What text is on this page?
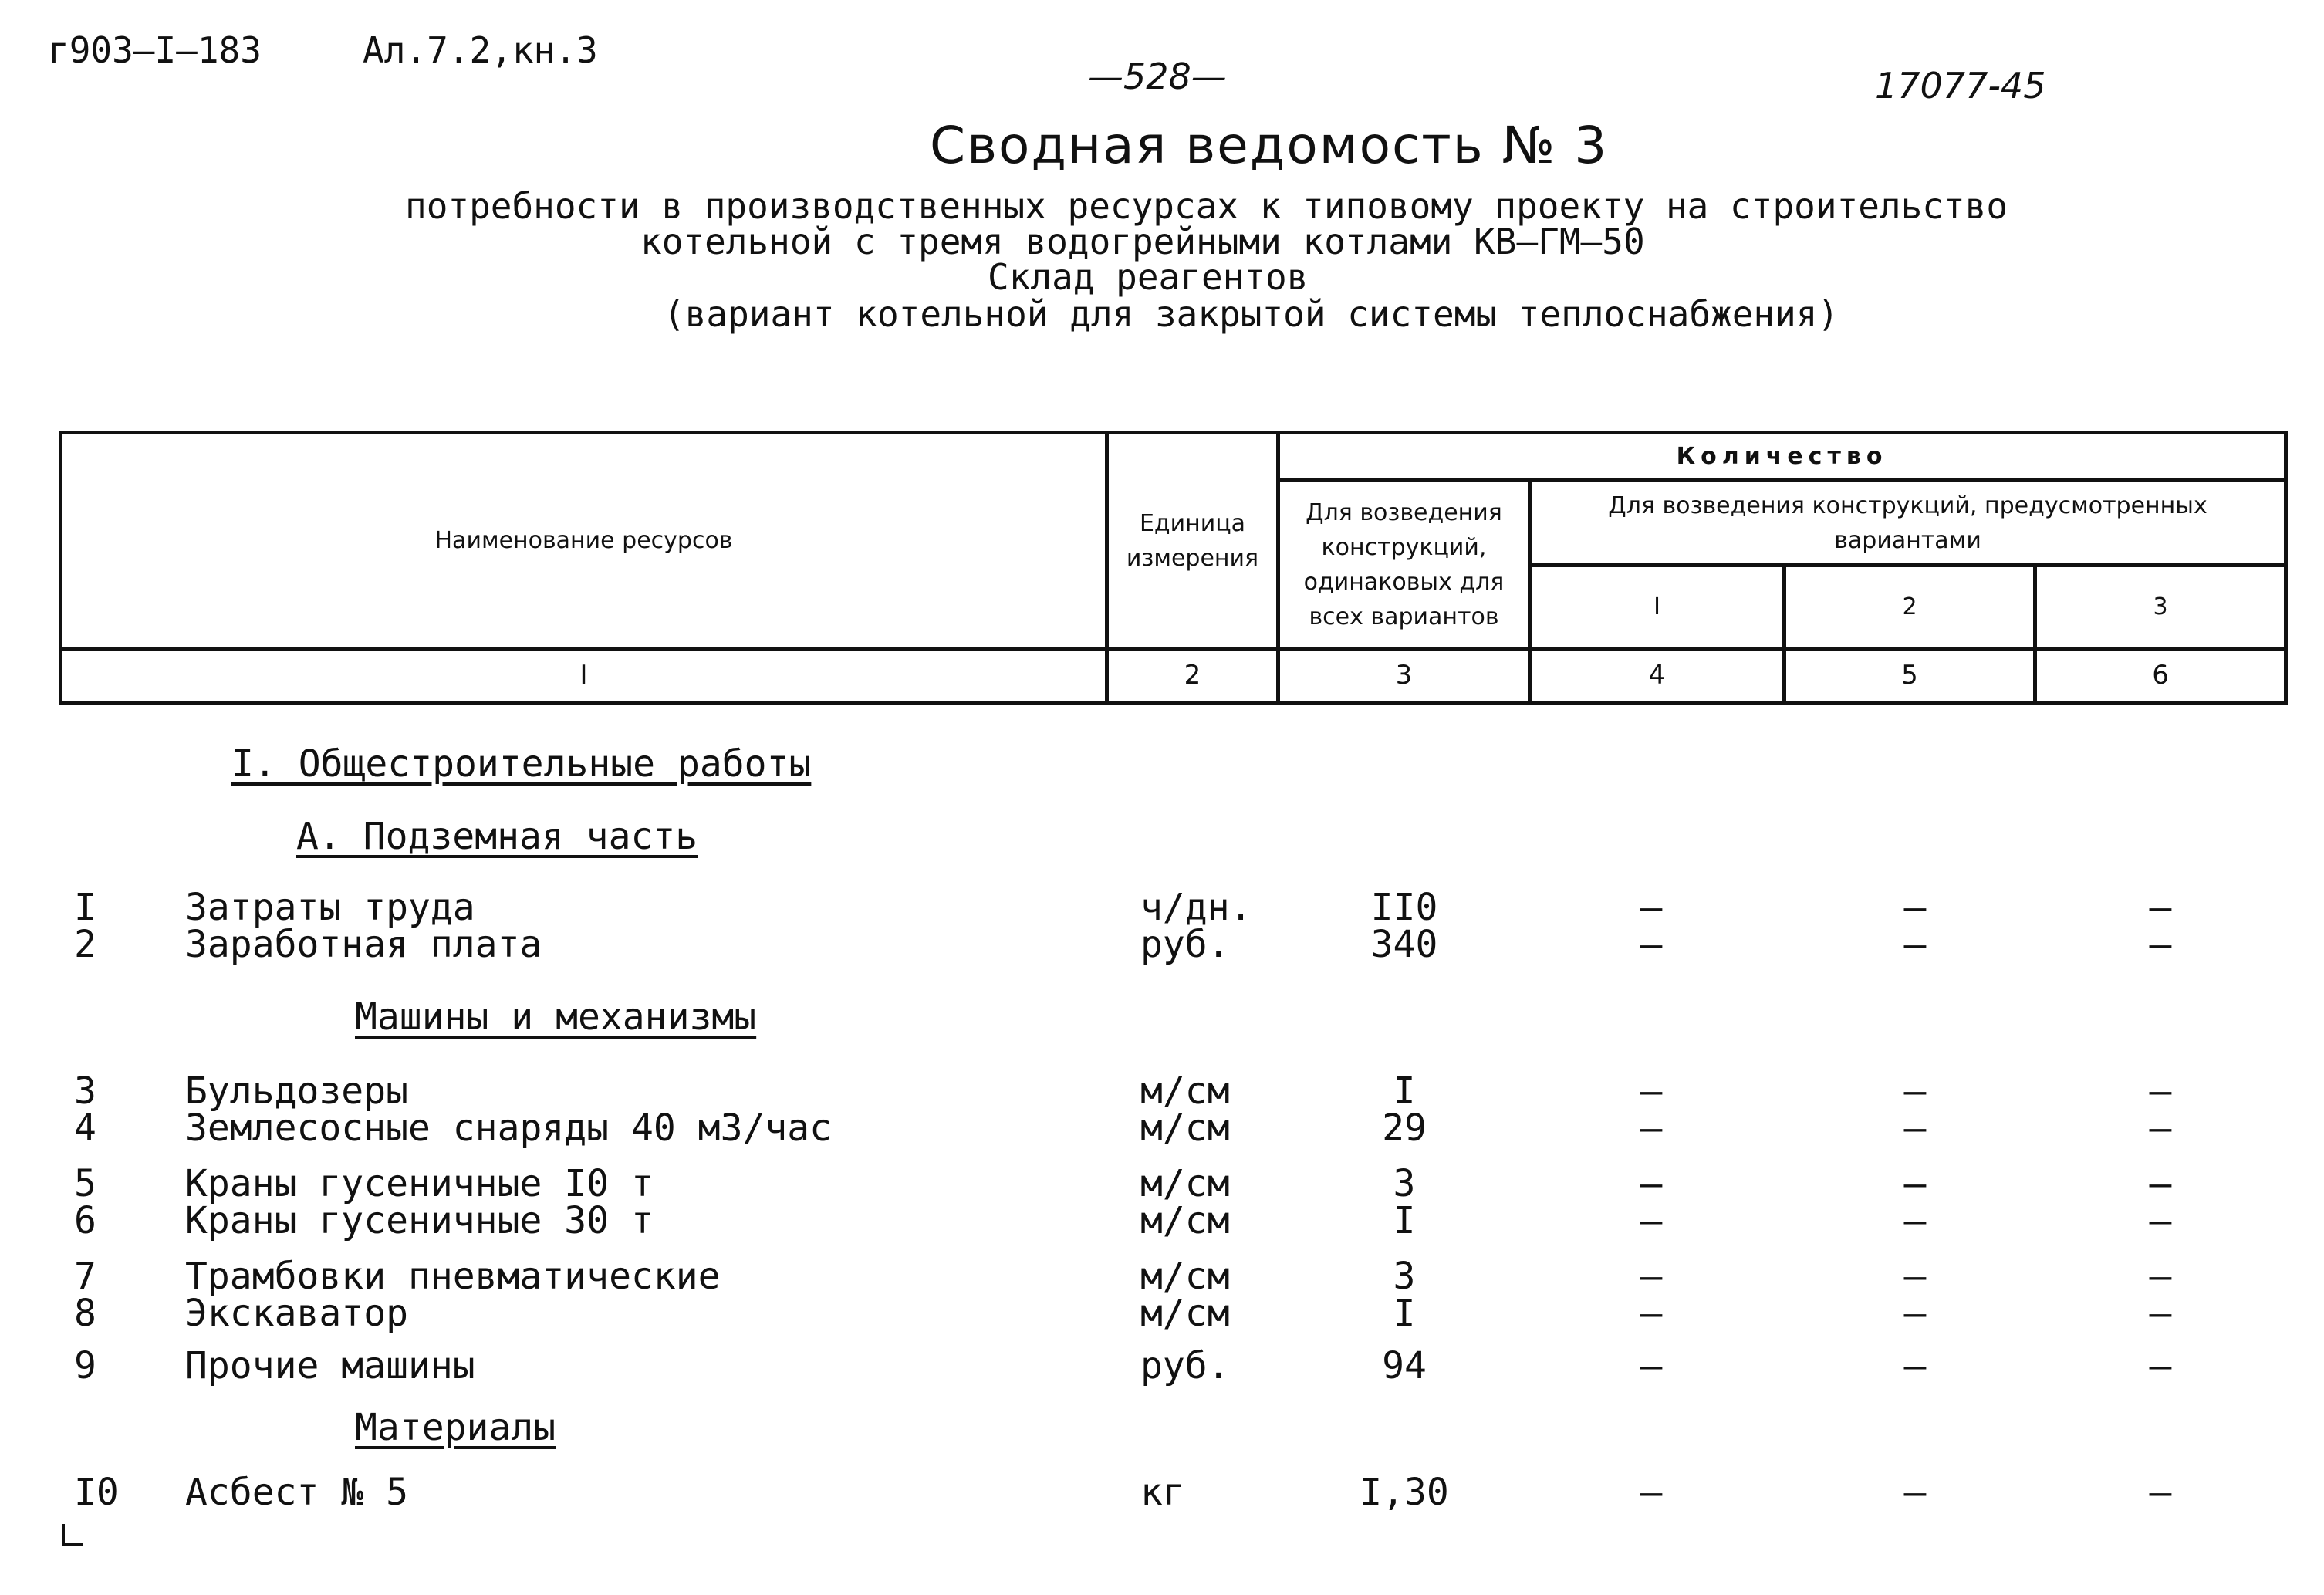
г903–I–183	Ал.7.2,кн.3
—528—	17077-45
Сводная ведомость № 3
потребности в производственных ресурсах к типовому проекту на строительство
котельной с тремя водогрейными котлами КВ–ГМ–50
Склад реагентов
(вариант котельной для закрытой системы теплоснабжения)
Наименование ресурсов	Единица измерения	Количество			
		Для возведения конструкций, одинаковых для всех вариантов	Для возведения конструкций, предусмотренных вариантами		
			I	2	3
I	2	3	4	5	6
I. Общестроительные работы
А. Подземная часть
Машины и механизмы
Материалы
I Затраты труда	ч/дн.	II0	–	–	–
2 Заработная плата	руб.	340	–	–	–
3 Бульдозеры	м/см	I	–	–	–
4 Землесосные снаряды 40 м3/час	м/см	29	–	–	–
5 Краны гусеничные I0 т	м/см	3	–	–	–
6 Краны гусеничные 30 т	м/см	I	–	–	–
7 Трамбовки пневматические	м/см	3	–	–	–
8 Экскаватор	м/см	I	–	–	–
9 Прочие машины	руб.	94	–	–	–
I0 Асбест № 5	кг	I,30	–	–	–
